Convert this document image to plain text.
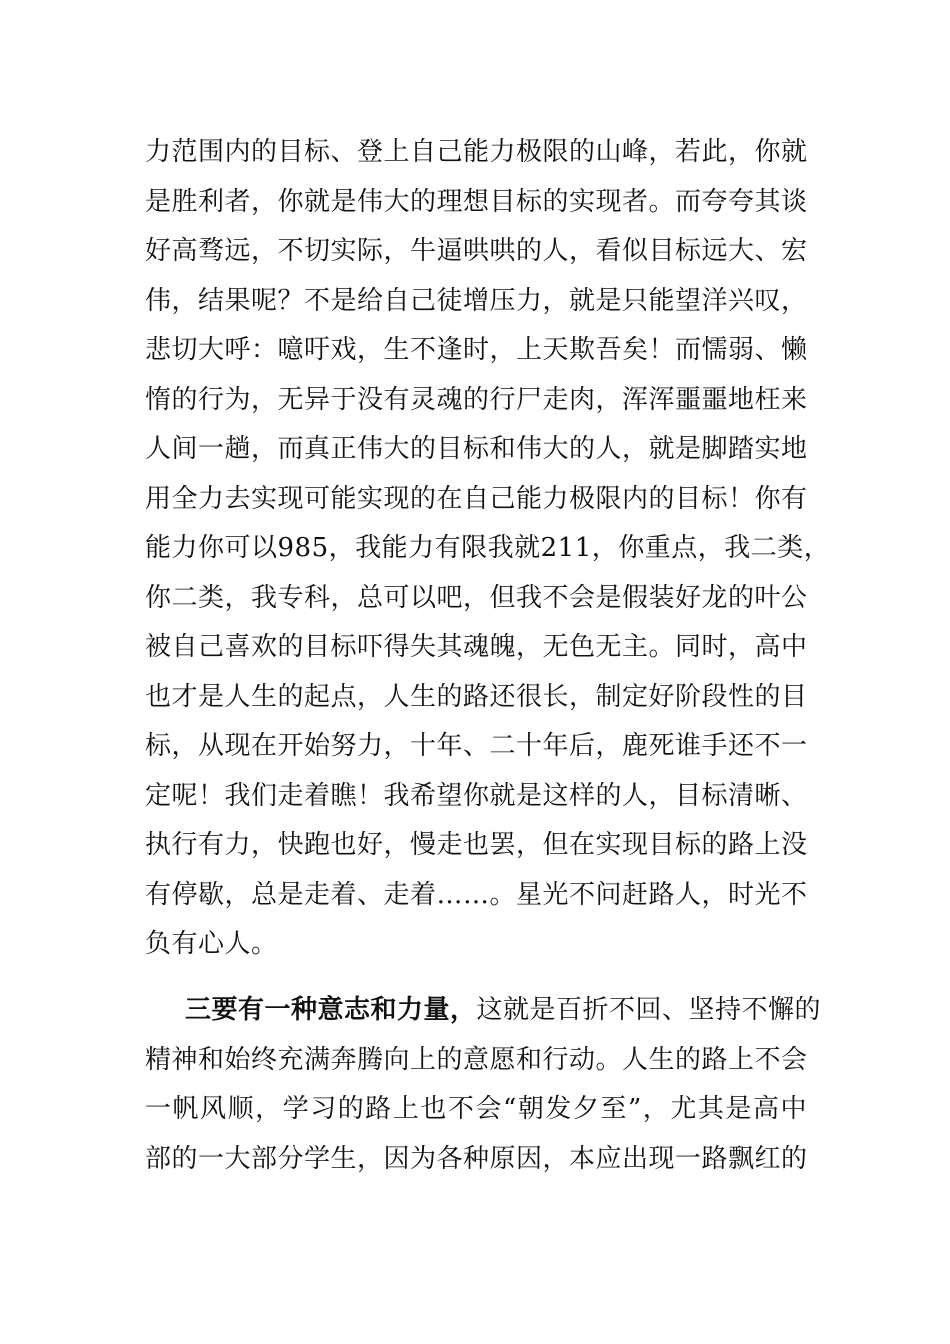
力范围内的目标、登上自己能力极限的山峰，若此，你就
是胜利者，你就是伟大的理想目标的实现者。而夸夸其谈
好高骛远，不切实际，牛逼哄哄的人，看似目标远大、宏
伟，结果呢？不是给自己徒增压力，就是只能望洋兴叹，
悲切大呼：噫吁戏，生不逢时，上天欺吾矣！而懦弱、懒
惰的行为，无异于没有灵魂的行尸走肉，浑浑噩噩地枉来
人间一趟，而真正伟大的目标和伟大的人，就是脚踏实地
用全力去实现可能实现的在自己能力极限内的目标！你有
能力你可以985，我能力有限我就211，你重点，我二类，
你二类，我专科，总可以吧，但我不会是假装好龙的叶公
被自己喜欢的目标吓得失其魂魄，无色无主。同时，高中
也才是人生的起点，人生的路还很长，制定好阶段性的目
标，从现在开始努力，十年、二十年后，鹿死谁手还不一
定呢！我们走着瞧！我希望你就是这样的人，目标清晰、
执行有力，快跑也好，慢走也罢，但在实现目标的路上没
有停歇，总是走着、走着……。星光不问赶路人，时光不
负有心人。
三要有一种意志和力量，这就是百折不回、坚持不懈的
精神和始终充满奔腾向上的意愿和行动。人生的路上不会
一帆风顺，学习的路上也不会“朝发夕至”，尤其是高中
部的一大部分学生，因为各种原因，本应出现一路飘红的
